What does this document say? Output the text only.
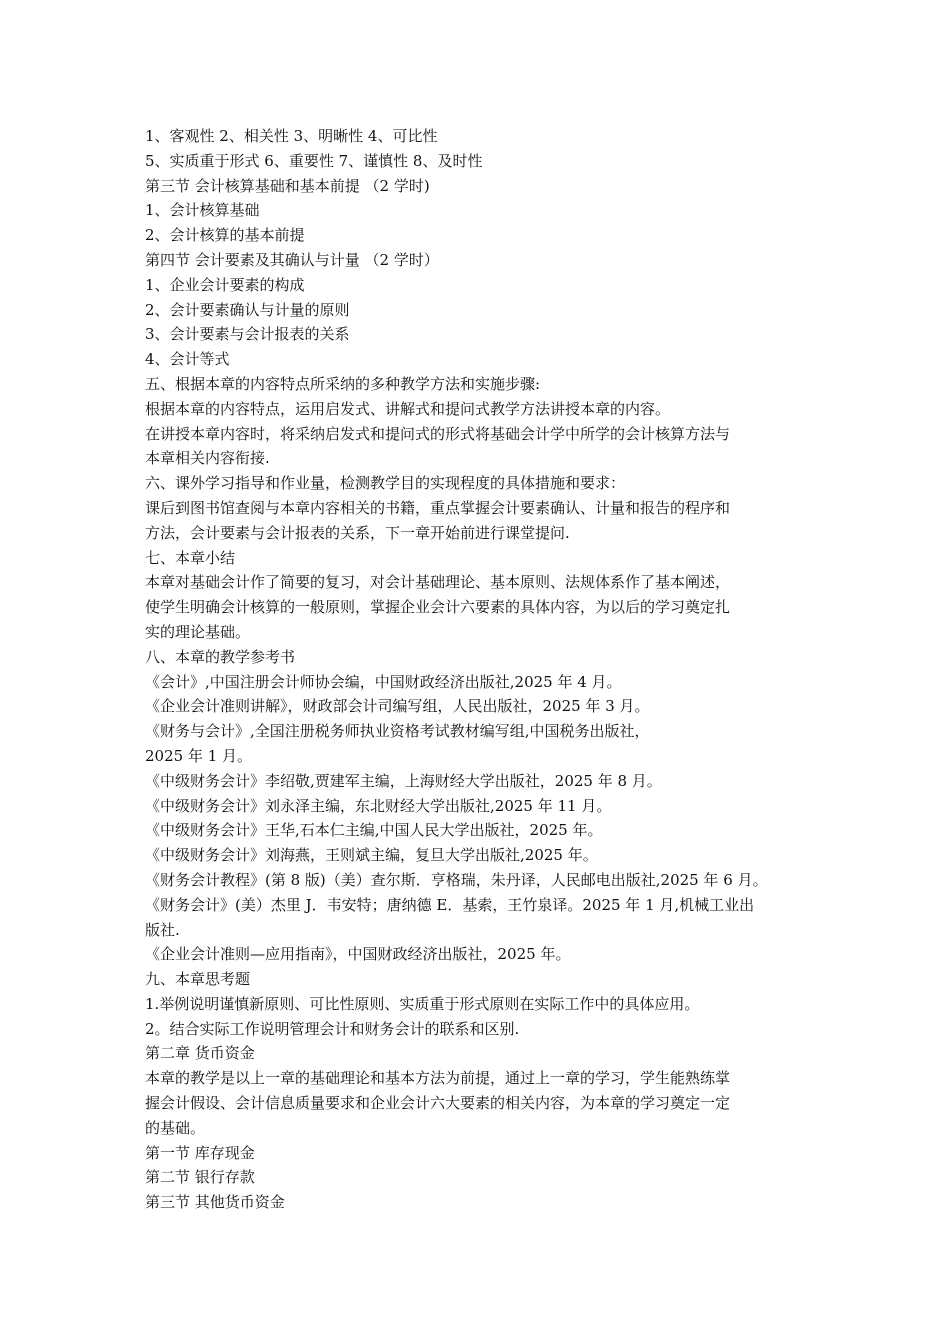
1、客观性 2、相关性 3、明晰性 4、可比性

5、实质重于形式 6、重要性 7、谨慎性 8、及时性

第三节 会计核算基础和基本前提 （2 学时)

1、会计核算基础

2、会计核算的基本前提

第四节 会计要素及其确认与计量 （2 学时）

1、企业会计要素的构成

2、会计要素确认与计量的原则

3、会计要素与会计报表的关系

4、会计等式

五、根据本章的内容特点所采纳的多种教学方法和实施步骤:

根据本章的内容特点，运用启发式、讲解式和提问式教学方法讲授本章的内容。

在讲授本章内容时，将采纳启发式和提问式的形式将基础会计学中所学的会计核算方法与

本章相关内容衔接.

六、课外学习指导和作业量，检测教学目的实现程度的具体措施和要求：

课后到图书馆查阅与本章内容相关的书籍，重点掌握会计要素确认、计量和报告的程序和

方法，会计要素与会计报表的关系，下一章开始前进行课堂提问.

七、本章小结

本章对基础会计作了简要的复习，对会计基础理论、基本原则、法规体系作了基本阐述，

使学生明确会计核算的一般原则，掌握企业会计六要素的具体内容，为以后的学习奠定扎

实的理论基础。

八、本章的教学参考书

《会计》,中国注册会计师协会编，中国财政经济出版社,2025 年 4 月。

《企业会计准则讲解》，财政部会计司编写组，人民出版社，2025 年 3 月。

《财务与会计》,全国注册税务师执业资格考试教材编写组,中国税务出版社，

2025 年 1 月。

《中级财务会计》李绍敬,贾建军主编，上海财经大学出版社，2025 年 8 月。

《中级财务会计》刘永泽主编，东北财经大学出版社,2025 年 11 月。

《中级财务会计》王华,石本仁主编,中国人民大学出版社，2025 年。

《中级财务会计》刘海燕，王则斌主编，复旦大学出版社,2025 年。

《财务会计教程》(第 8 版)（美）查尔斯．亨格瑞，朱丹译，人民邮电出版社,2025 年 6 月。

《财务会计》(美）杰里 J．韦安特；唐纳德 E．基索，王竹泉译。2025 年 1 月,机械工业出

版社.

《企业会计准则—应用指南》，中国财政经济出版社，2025 年。

九、本章思考题

1.举例说明谨慎新原则、可比性原则、实质重于形式原则在实际工作中的具体应用。

2。结合实际工作说明管理会计和财务会计的联系和区别.

第二章 货币资金

本章的教学是以上一章的基础理论和基本方法为前提，通过上一章的学习，学生能熟练掌

握会计假设、会计信息质量要求和企业会计六大要素的相关内容，为本章的学习奠定一定

的基础。

第一节 库存现金

第二节 银行存款

第三节 其他货币资金
